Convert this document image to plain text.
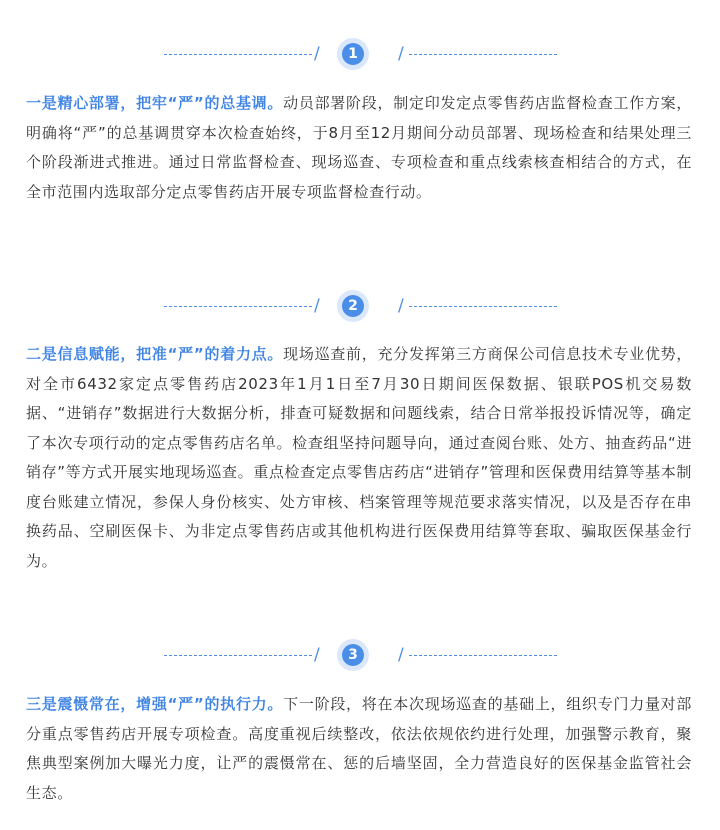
/	1	/

一是精心部署，把牢“严”的总基调。动员部署阶段，制定印发定点零售药店监督检查工作方案，明确将“严”的总基调贯穿本次检查始终，于8月至12月期间分动员部署、现场检查和结果处理三个阶段渐进式推进。通过日常监督检查、现场巡查、专项检查和重点线索核查相结合的方式，在全市范围内选取部分定点零售药店开展专项监督检查行动。

/	2	/

二是信息赋能，把准“严”的着力点。现场巡查前，充分发挥第三方商保公司信息技术专业优势，对全市6432家定点零售药店2023年1月1日至7月30日期间医保数据、银联POS机交易数据、“进销存”数据进行大数据分析，排查可疑数据和问题线索，结合日常举报投诉情况等，确定了本次专项行动的定点零售药店名单。检查组坚持问题导向，通过查阅台账、处方、抽查药品“进销存”等方式开展实地现场巡查。重点检查定点零售店药店“进销存”管理和医保费用结算等基本制度台账建立情况，参保人身份核实、处方审核、档案管理等规范要求落实情况，以及是否存在串换药品、空刷医保卡、为非定点零售药店或其他机构进行医保费用结算等套取、骗取医保基金行为。

/	3	/

三是震慑常在，增强“严”的执行力。下一阶段，将在本次现场巡查的基础上，组织专门力量对部分重点零售药店开展专项检查。高度重视后续整改，依法依规依约进行处理，加强警示教育，聚焦典型案例加大曝光力度，让严的震慑常在、惩的后墙坚固，全力营造良好的医保基金监管社会生态。
